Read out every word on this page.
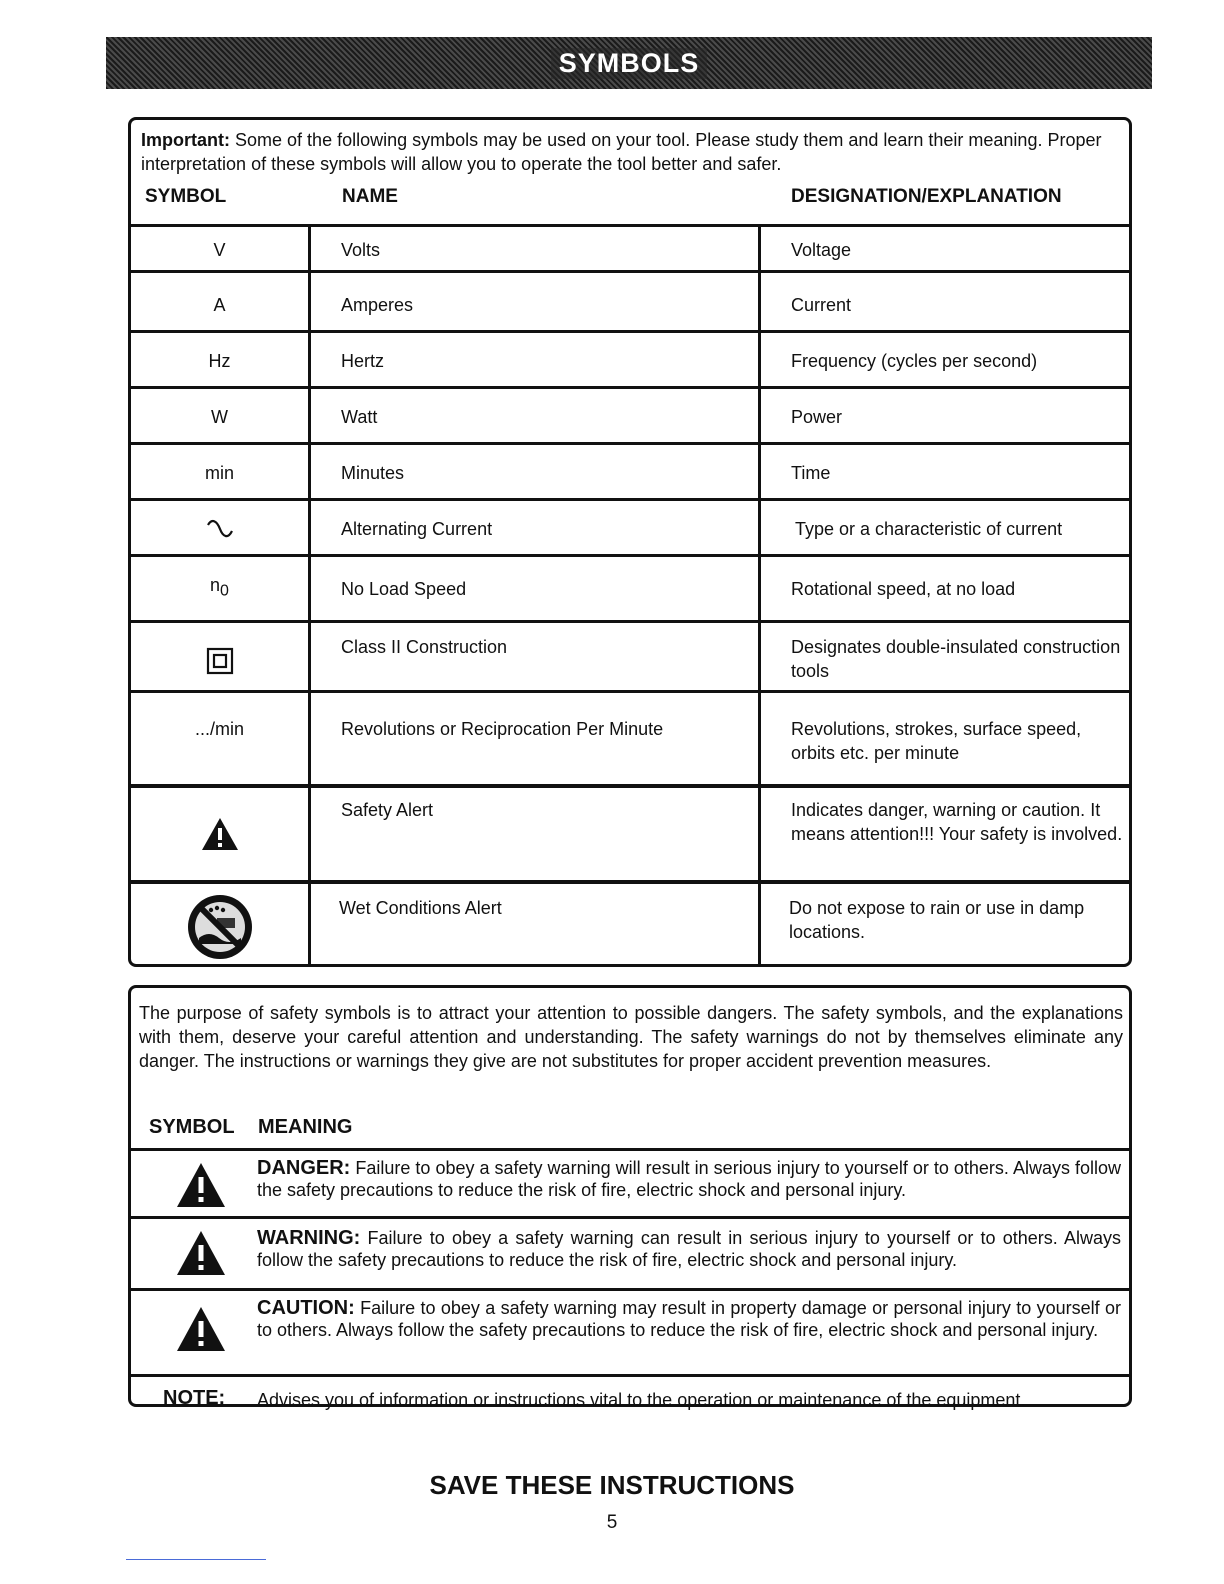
SYMBOLS
Important: Some of the following symbols may be used on your tool. Please study them and learn their meaning. Proper interpretation of these symbols will allow you to operate the tool better and safer.
SYMBOL	NAME	DESIGNATION/EXPLANATION
V	Volts	Voltage
A	Amperes	Current
Hz	Hertz	Frequency (cycles per second)
W	Watt	Power
min	Minutes	Time
Alternating Current	Type or a characteristic of current
$n_0$	No Load Speed	Rotational speed, at no load
Class II Construction	Designates double-insulated construction tools
.../min	Revolutions or Reciprocation Per Minute	Revolutions, strokes, surface speed, orbits etc. per minute
Safety Alert	Indicates danger, warning or caution. It means attention!!! Your safety is involved.
Wet Conditions Alert	Do not expose to rain or use in damp locations.
The purpose of safety symbols is to attract your attention to possible dangers. The safety symbols, and the explanations with them, deserve your careful attention and understanding. The safety warnings do not by themselves eliminate any danger. The instructions or warnings they give are not substitutes for proper accident prevention measures.
SYMBOL MEANING
DANGER: Failure to obey a safety warning will result in serious injury to yourself or to others. Always follow the safety precautions to reduce the risk of fire, electric shock and personal injury.
WARNING: Failure to obey a safety warning can result in serious injury to yourself or to others. Always follow the safety precautions to reduce the risk of fire, electric shock and personal injury.
CAUTION: Failure to obey a safety warning may result in property damage or personal injury to yourself or to others. Always follow the safety precautions to reduce the risk of fire, electric shock and personal injury.
NOTE: Advises you of information or instructions vital to the operation or maintenance of the equipment.
SAVE THESE INSTRUCTIONS
5
